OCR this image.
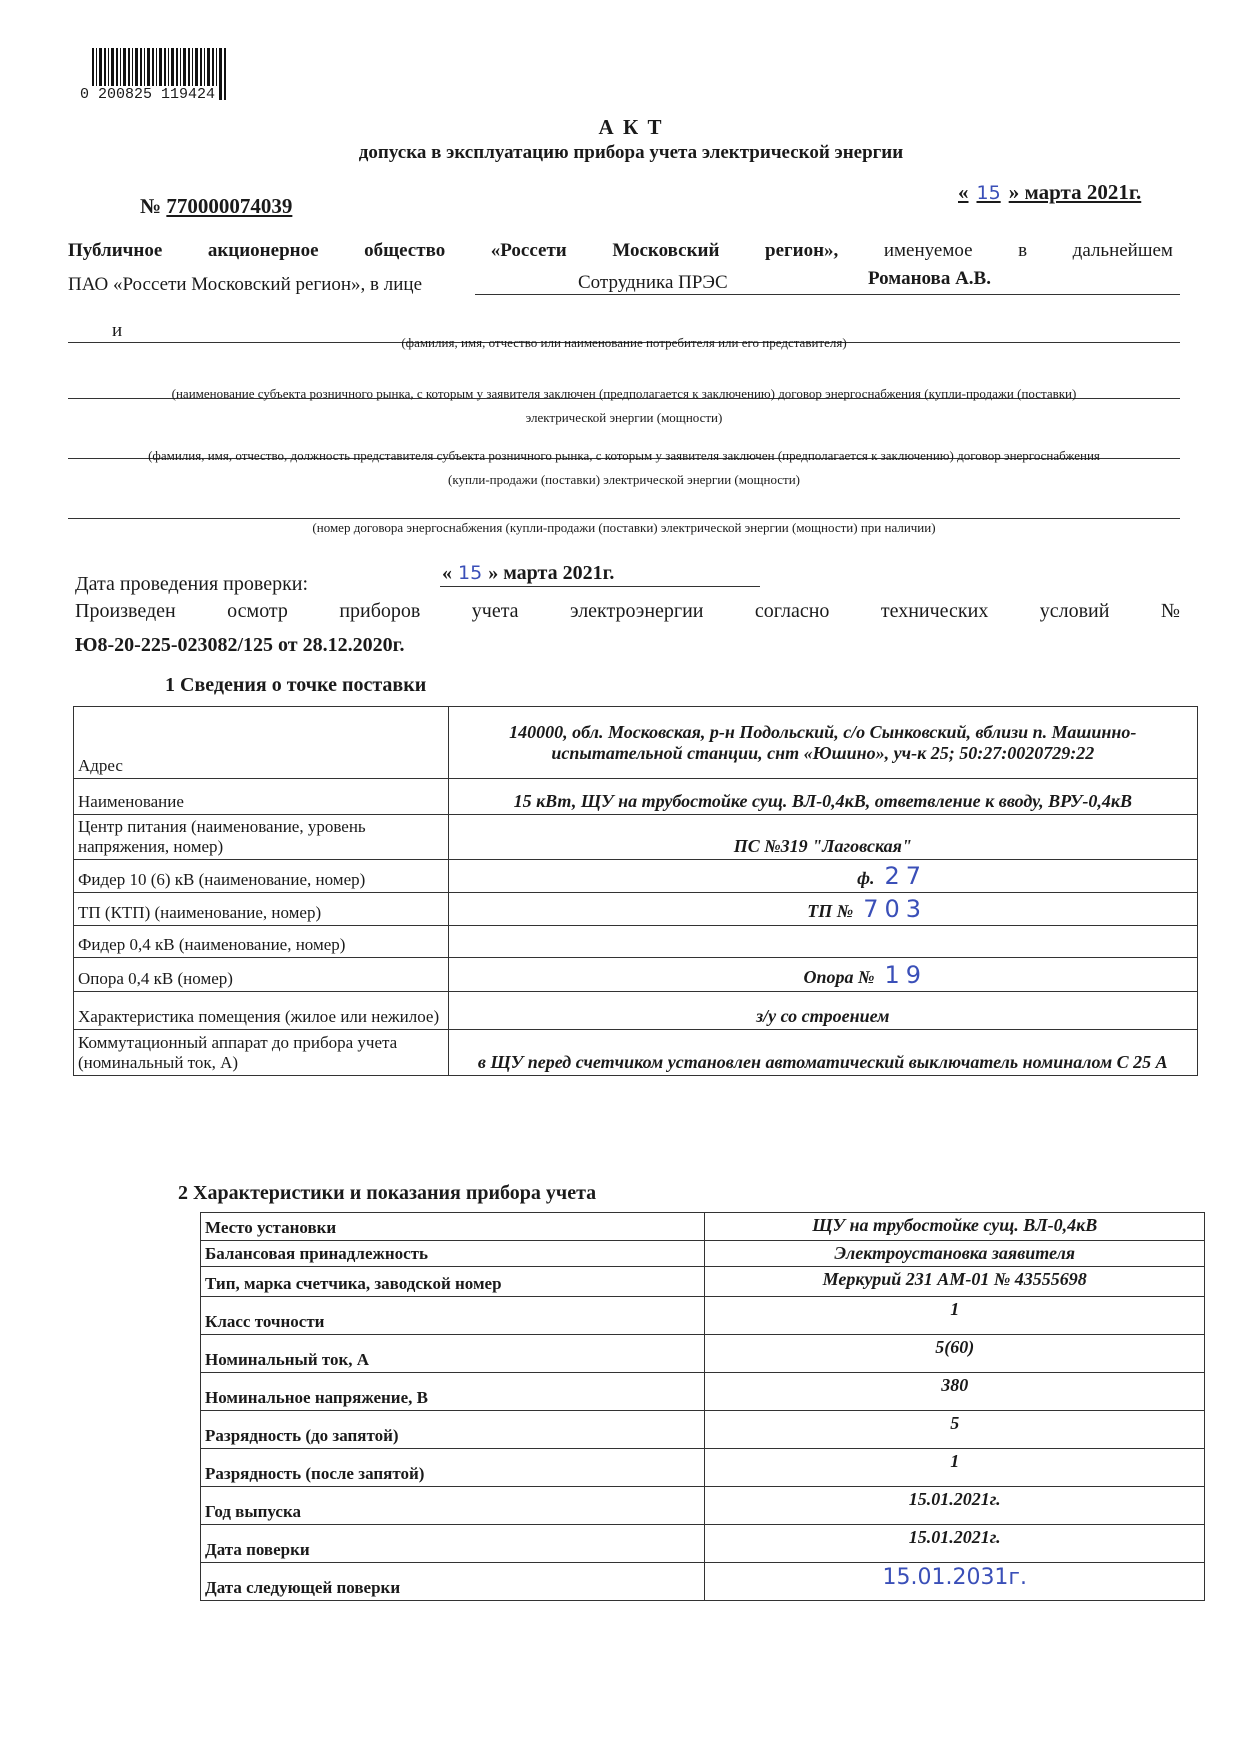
0 200825 119424
А К Т
допуска в эксплуатацию прибора учета электрической энергии
№ 770000074039
« 15 » марта 2021г.
Публичное акционерное общество «Россети Московский регион», именуемое в дальнейшем
ПАО «Россети Московский регион», в лице	Сотрудника ПРЭС	Романова А.В.
и
(фамилия, имя, отчество или наименование потребителя или его представителя)
(наименование субъекта розничного рынка, с которым у заявителя заключен (предполагается к заключению) договор энергоснабжения (купли-продажи (поставки)
электрической энергии (мощности)
(фамилия, имя, отчество, должность представителя субъекта розничного рынка, с которым у заявителя заключен (предполагается к заключению) договор энергоснабжения
(купли-продажи (поставки) электрической энергии (мощности)
(номер договора энергоснабжения (купли-продажи (поставки) электрической энергии (мощности) при наличии)
Дата проведения проверки:	« 15 » марта 2021г.
Произведен	осмотр	приборов	учета	электроэнергии	согласно	технических	условий	№
Ю8-20-225-023082/125 от 28.12.2020г.
1 Сведения о точке поставки
Адрес	140000, обл. Московская, р-н Подольский, с/о Сынковский, вблизи п. Машинно-испытательной станции, снт «Юшино», уч-к 25; 50:27:0020729:22
Наименование	15 кВт, ЩУ на трубостойке сущ. ВЛ-0,4кВ, ответвление к вводу, ВРУ-0,4кВ
Центр питания (наименование, уровень напряжения, номер)	ПС №319 "Лаговская"
Фидер 10 (6) кВ (наименование, номер)	ф. 27
ТП (КТП) (наименование, номер)	ТП № 703
Фидер 0,4 кВ (наименование, номер)	
Опора 0,4 кВ (номер)	Опора № 19
Характеристика помещения (жилое или нежилое)	з/у со строением
Коммутационный аппарат до прибора учета (номинальный ток, А)	в ЩУ перед счетчиком установлен автоматический выключатель номиналом С 25 А
2 Характеристики и показания прибора учета
Место установки	ЩУ на трубостойке сущ. ВЛ-0,4кВ
Балансовая принадлежность	Электроустановка заявителя
Тип, марка счетчика, заводской номер	Меркурий 231 АМ-01 № 43555698
Класс точности	1
Номинальный ток, А	5(60)
Номинальное напряжение, В	380
Разрядность (до запятой)	5
Разрядность (после запятой)	1
Год выпуска	15.01.2021г.
Дата поверки	15.01.2021г.
Дата следующей поверки	15.01.2031г.
